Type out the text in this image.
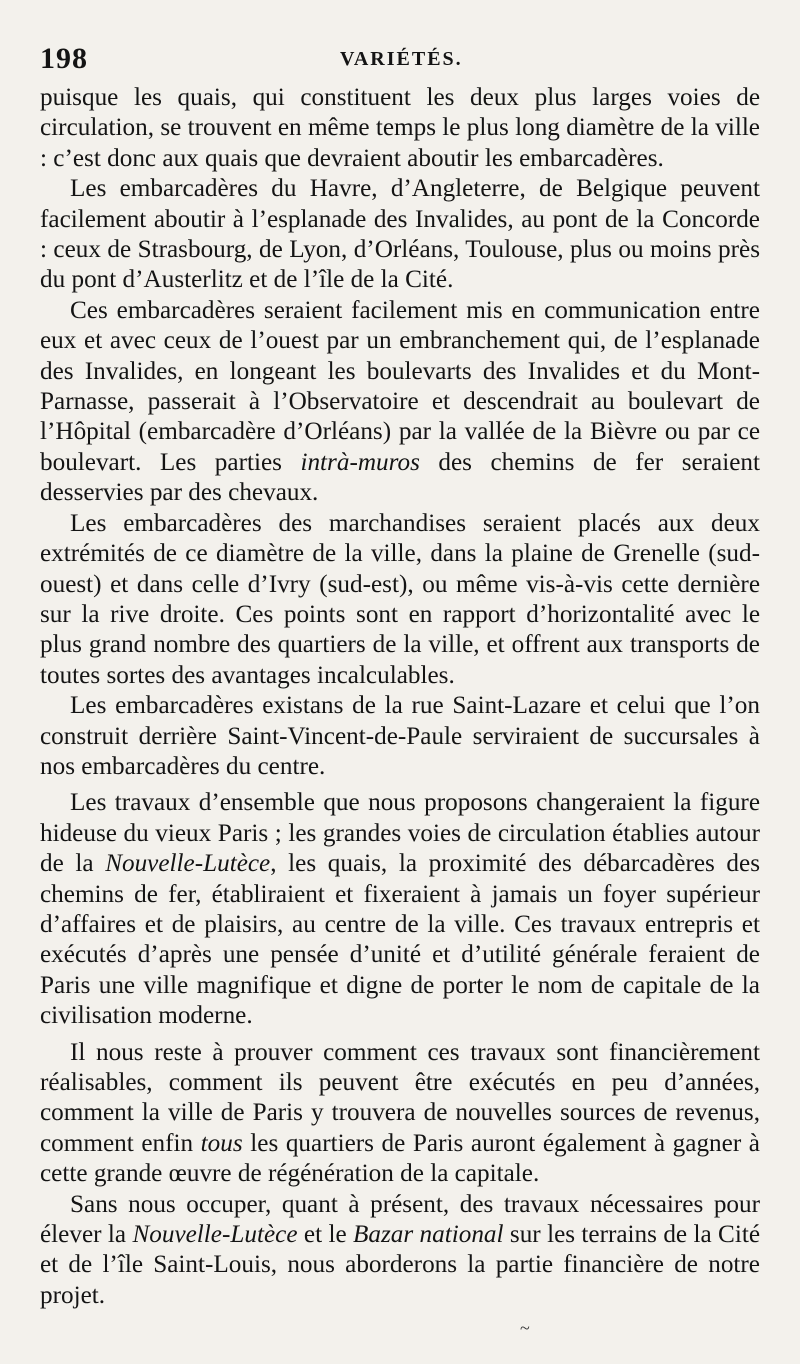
198	VARIÉTÉS.

puisque les quais, qui constituent les deux plus larges voies de circulation, se trouvent en même temps le plus long diamètre de la ville : c’est donc aux quais que devraient aboutir les embarcadères.

Les embarcadères du Havre, d’Angleterre, de Belgique peuvent facilement aboutir à l’esplanade des Invalides, au pont de la Concorde : ceux de Strasbourg, de Lyon, d’Orléans, Toulouse, plus ou moins près du pont d’Austerlitz et de l’île de la Cité.

Ces embarcadères seraient facilement mis en communication entre eux et avec ceux de l’ouest par un embranchement qui, de l’esplanade des Invalides, en longeant les boulevarts des Invalides et du Mont-Parnasse, passerait à l’Observatoire et descendrait au boulevart de l’Hôpital (embarcadère d’Orléans) par la vallée de la Bièvre ou par ce boulevart. Les parties intrà-muros des chemins de fer seraient desservies par des chevaux.

Les embarcadères des marchandises seraient placés aux deux extrémités de ce diamètre de la ville, dans la plaine de Grenelle (sud-ouest) et dans celle d’Ivry (sud-est), ou même vis-à-vis cette dernière sur la rive droite. Ces points sont en rapport d’horizontalité avec le plus grand nombre des quartiers de la ville, et offrent aux transports de toutes sortes des avantages incalculables.

Les embarcadères existans de la rue Saint-Lazare et celui que l’on construit derrière Saint-Vincent-de-Paule serviraient de succursales à nos embarcadères du centre.

Les travaux d’ensemble que nous proposons changeraient la figure hideuse du vieux Paris ; les grandes voies de circulation établies autour de la Nouvelle-Lutèce, les quais, la proximité des débarcadères des chemins de fer, établiraient et fixeraient à jamais un foyer supérieur d’affaires et de plaisirs, au centre de la ville. Ces travaux entrepris et exécutés d’après une pensée d’unité et d’utilité générale feraient de Paris une ville magnifique et digne de porter le nom de capitale de la civilisation moderne.

Il nous reste à prouver comment ces travaux sont financièrement réalisables, comment ils peuvent être exécutés en peu d’années, comment la ville de Paris y trouvera de nouvelles sources de revenus, comment enfin tous les quartiers de Paris auront également à gagner à cette grande œuvre de régénération de la capitale.

Sans nous occuper, quant à présent, des travaux nécessaires pour élever la Nouvelle-Lutèce et le Bazar national sur les terrains de la Cité et de l’île Saint-Louis, nous aborderons la partie financière de notre projet.

~
